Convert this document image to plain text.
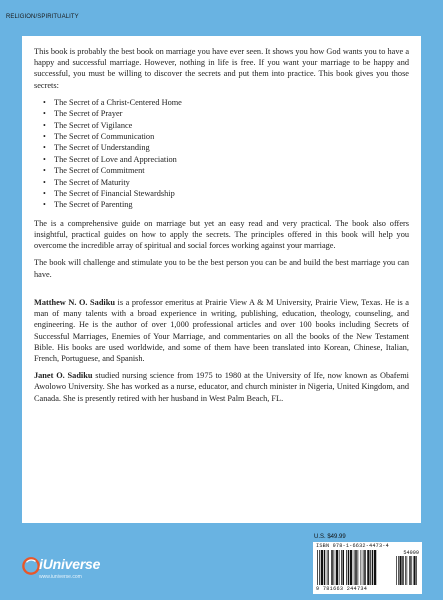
RELIGION/SPIRITUALITY

This book is probably the best book on marriage you have ever seen. It shows you how God wants you to have a happy and successful marriage. However, nothing in life is free. If you want your marriage to be happy and successful, you must be willing to discover the secrets and put them into practice. This book gives you those secrets:

• The Secret of a Christ-Centered Home
• The Secret of Prayer
• The Secret of Vigilance
• The Secret of Communication
• The Secret of Understanding
• The Secret of Love and Appreciation
• The Secret of Commitment
• The Secret of Maturity
• The Secret of Financial Stewardship
• The Secret of Parenting

The is a comprehensive guide on marriage but yet an easy read and very practical. The book also offers insightful, practical guides on how to apply the secrets. The principles offered in this book will help you overcome the incredible array of spiritual and social forces working against your marriage.

The book will challenge and stimulate you to be the best person you can be and build the best marriage you can have.

Matthew N. O. Sadiku is a professor emeritus at Prairie View A & M University, Prairie View, Texas. He is a man of many talents with a broad experience in writing, publishing, education, theology, counseling, and engineering. He is the author of over 1,000 professional articles and over 100 books including Secrets of Successful Marriages, Enemies of Your Marriage, and commentaries on all the books of the New Testament Bible. His books are used worldwide, and some of them have been translated into Korean, Chinese, Italian, French, Portuguese, and Spanish.

Janet O. Sadiku studied nursing science from 1975 to 1980 at the University of Ife, now known as Obafemi Awolowo University. She has worked as a nurse, educator, and church minister in Nigeria, United Kingdom, and Canada. She is presently retired with her husband in West Palm Beach, FL.

iUniverse
www.iuniverse.com
U.S. $49.99
ISBN 978-1-6632-4473-4
54999
9 781663 244734
